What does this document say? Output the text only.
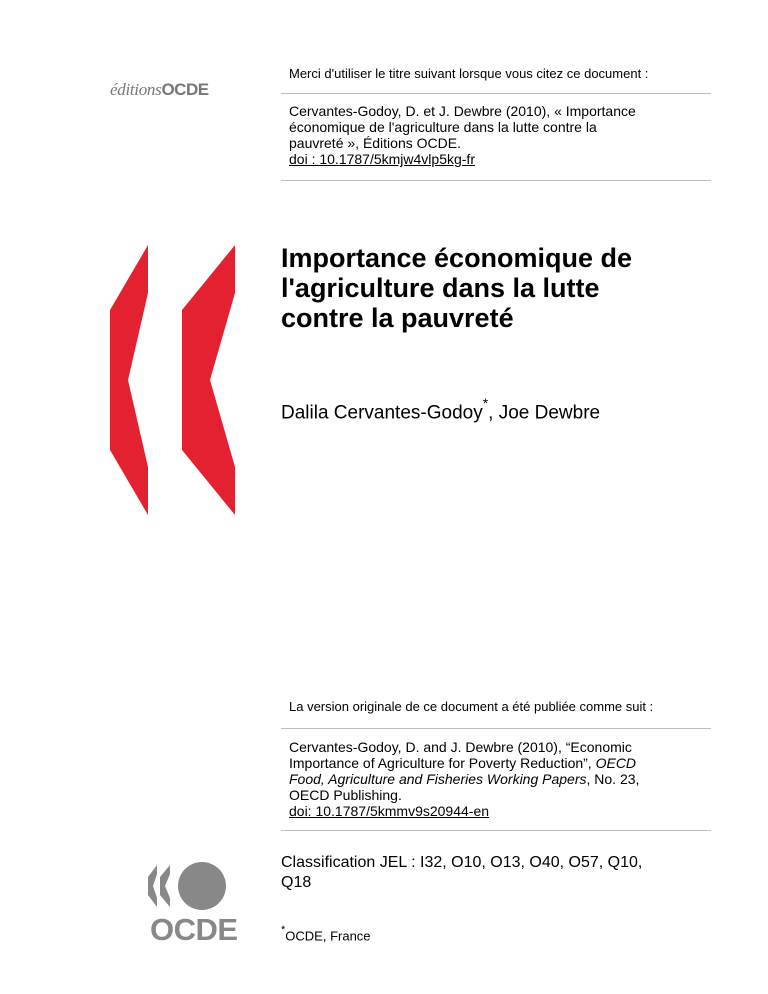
éditionsOCDE
Merci d'utiliser le titre suivant lorsque vous citez ce document :
Cervantes-Godoy, D. et J. Dewbre (2010), « Importance
économique de l'agriculture dans la lutte contre la
pauvreté », Éditions OCDE.
doi : 10.1787/5kmjw4vlp5kg-fr
Importance économique de
l'agriculture dans la lutte
contre la pauvreté
Dalila Cervantes-Godoy*, Joe Dewbre
La version originale de ce document a été publiée comme suit :
Cervantes-Godoy, D. and J. Dewbre (2010), “Economic
Importance of Agriculture for Poverty Reduction”, OECD
Food, Agriculture and Fisheries Working Papers, No. 23,
OECD Publishing.
doi: 10.1787/5kmmv9s20944-en
Classification JEL : I32, O10, O13, O40, O57, Q10,
Q18
*OCDE, France
OCDE
